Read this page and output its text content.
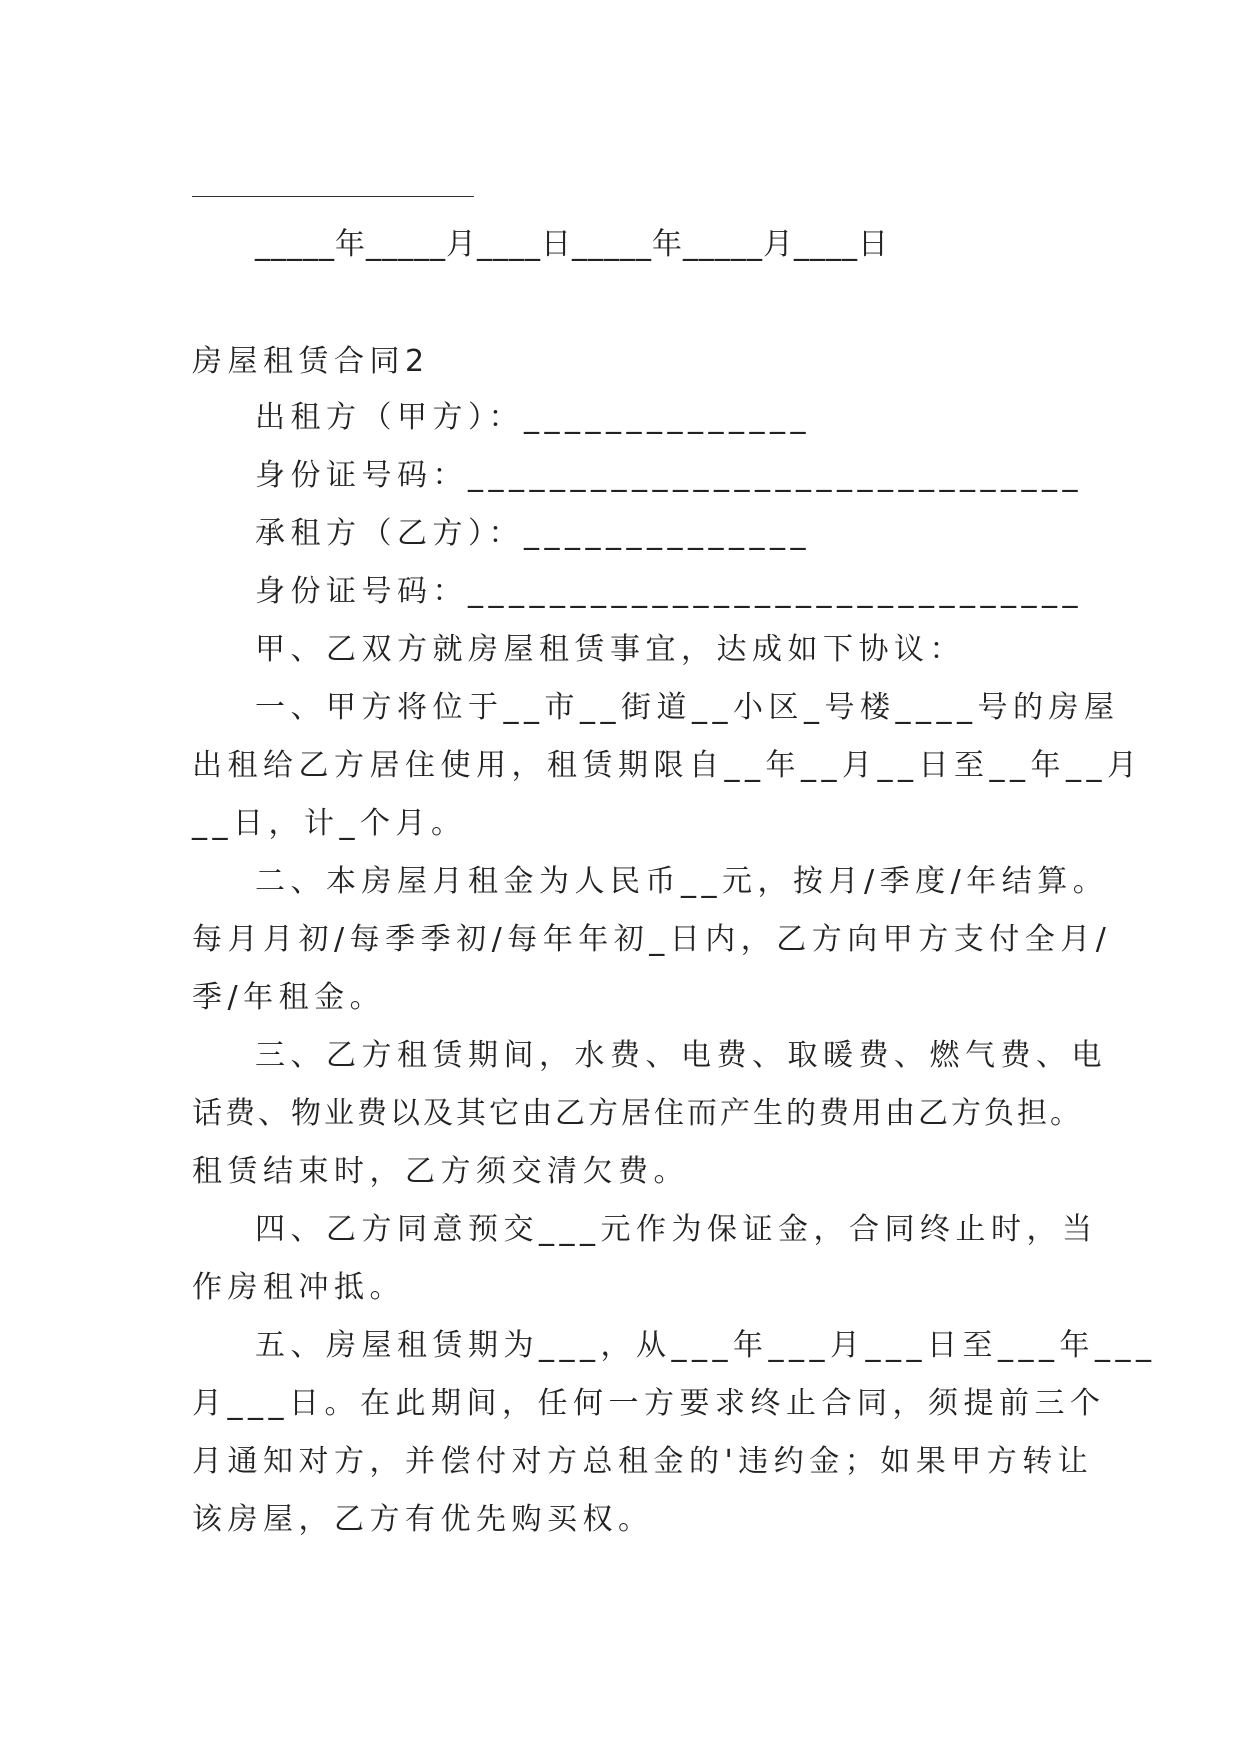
_____年_____月____日_____年_____月____日
房屋租赁合同2
出租方（甲方）：______________
身份证号码：______________________________
承租方（乙方）：______________
身份证号码：______________________________
甲、乙双方就房屋租赁事宜，达成如下协议：
一、甲方将位于__市__街道__小区_号楼____号的房屋
出租给乙方居住使用，租赁期限自__年__月__日至__年__月
__日，计_个月。
二、本房屋月租金为人民币__元，按月/季度/年结算。
每月月初/每季季初/每年年初_日内，乙方向甲方支付全月/
季/年租金。
三、乙方租赁期间，水费、电费、取暖费、燃气费、电
话费、物业费以及其它由乙方居住而产生的费用由乙方负担。
租赁结束时，乙方须交清欠费。
四、乙方同意预交___元作为保证金，合同终止时，当
作房租冲抵。
五、房屋租赁期为___，从___年___月___日至___年___
月___日。在此期间，任何一方要求终止合同，须提前三个
月通知对方，并偿付对方总租金的'违约金；如果甲方转让
该房屋，乙方有优先购买权。
